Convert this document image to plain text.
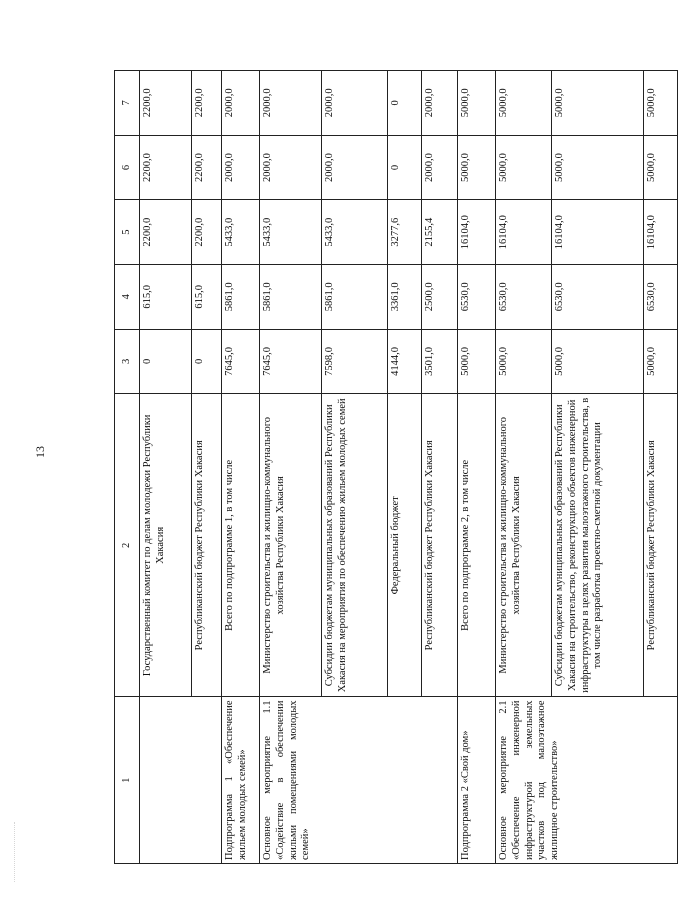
13
1	2	3	4	5	6	7
	Государственный комитет по делам молодежи Республики Хакасия	0	615,0	2200,0	2200,0	2200,0
	Республиканский бюджет Республики Хакасия	0	615,0	2200,0	2200,0	2200,0
Подпрограмма 1 «Обеспечение жильем молодых семей»	Всего по подпрограмме 1, в том числе	7645,0	5861,0	5433,0	2000,0	2000,0
Основное мероприятие 1.1 «Содействие в обеспечении жильми помещениями молодых семей»	Министерство строительства и жилищно-коммунального хозяйства Республики Хакасия	7645,0	5861,0	5433,0	2000,0	2000,0
	Субсидии бюджетам муниципальных образований Республики Хакасия на мероприятия по обеспечению жильем молодых семей	7598,0	5861,0	5433,0	2000,0	2000,0
	Федеральный бюджет	4144,0	3361,0	3277,6	0	0
	Республиканский бюджет Республики Хакасия	3501,0	2500,0	2155,4	2000,0	2000,0
Подпрограмма 2 «Свой дом»	Всего по подпрограмме 2, в том числе	5000,0	6530,0	16104,0	5000,0	5000,0
Основное мероприятие 2.1 «Обеспечение инженерной инфраструктурой земельных участков под малоэтажное жилищное строительство»	Министерство строительства и жилищно-коммунального хозяйства Республики Хакасия	5000,0	6530,0	16104,0	5000,0	5000,0
	Субсидии бюджетам муниципальных образований Республики Хакасия на строительство, реконструкцию объектов инженерной инфраструктуры в целях развития малоэтажного строительства, в том числе разработка проектно-сметной документации	5000,0	6530,0	16104,0	5000,0	5000,0
	Республиканский бюджет Республики Хакасия	5000,0	6530,0	16104,0	5000,0	5000,0
